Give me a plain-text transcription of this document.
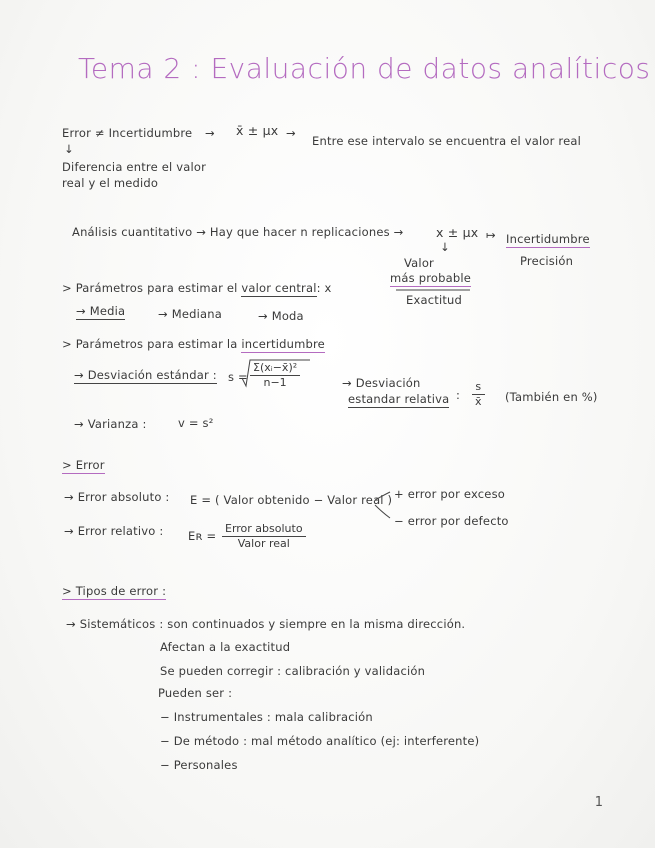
Tema 2 : Evaluación de datos analíticos
Error ≠ Incertidumbre → x̄ ± μx →
Entre ese intervalo se encuentra el valor real
↓
Diferencia entre el valor
real y el medido
Análisis cuantitativo → Hay que hacer n replicaciones →	x ± μx ↦ Incertidumbre
Precisión
↓
Valor
más probable
Exactitud
> Parámetros para estimar el valor central: x
→ Media	→ Mediana	→ Moda
> Parámetros para estimar la incertidumbre
→ Desviación estándar : $s = \frac{\text{Σ(xᵢ−x̄)²}}{n-1}$	→ Desviación
estandar relativa : $\frac{s}{x̄}$ (También en %)
→ Varianza :	v = s²
> Error
→ Error absoluto : E = ( Valor obtenido − Valor real ) + error por exceso
− error por defecto
→ Error relativo : Eʀ =
Error absoluto
Valor real
> Tipos de error :
→ Sistemáticos : son continuados y siempre en la misma dirección.
Afectan a la exactitud
Se pueden corregir : calibración y validación
Pueden ser :
− Instrumentales : mala calibración
− De método : mal método analítico (ej: interferente)
− Personales
1
